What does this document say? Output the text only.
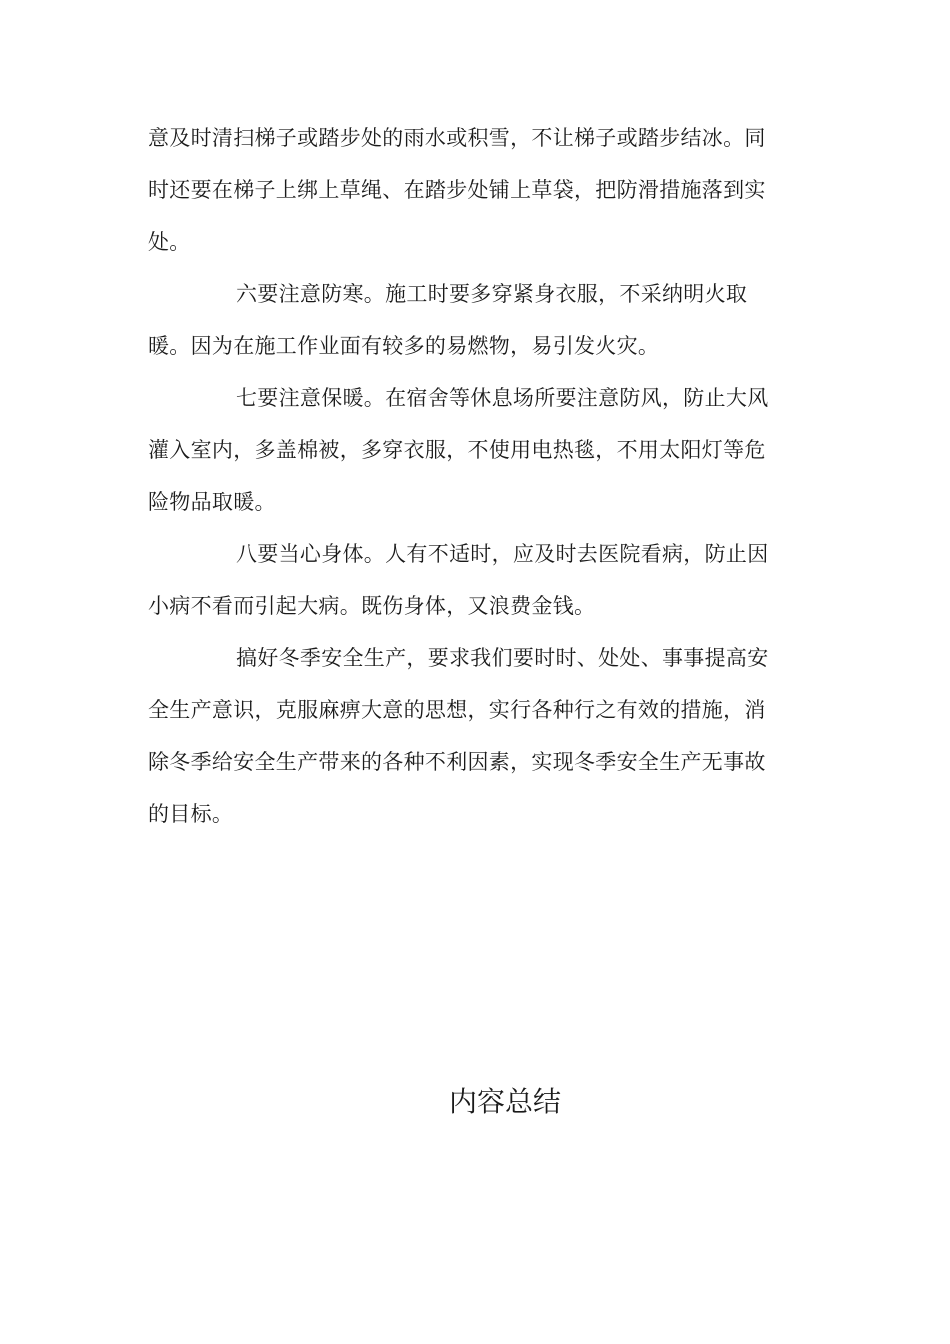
意及时清扫梯子或踏步处的雨水或积雪，不让梯子或踏步结冰。同
时还要在梯子上绑上草绳、在踏步处铺上草袋，把防滑措施落到实
处。

六要注意防寒。施工时要多穿紧身衣服，不采纳明火取
暖。因为在施工作业面有较多的易燃物，易引发火灾。

七要注意保暖。在宿舍等休息场所要注意防风，防止大风
灌入室内，多盖棉被，多穿衣服，不使用电热毯，不用太阳灯等危
险物品取暖。

八要当心身体。人有不适时，应及时去医院看病，防止因
小病不看而引起大病。既伤身体，又浪费金钱。

搞好冬季安全生产，要求我们要时时、处处、事事提高安
全生产意识，克服麻痹大意的思想，实行各种行之有效的措施，消
除冬季给安全生产带来的各种不利因素，实现冬季安全生产无事故
的目标。

内容总结
